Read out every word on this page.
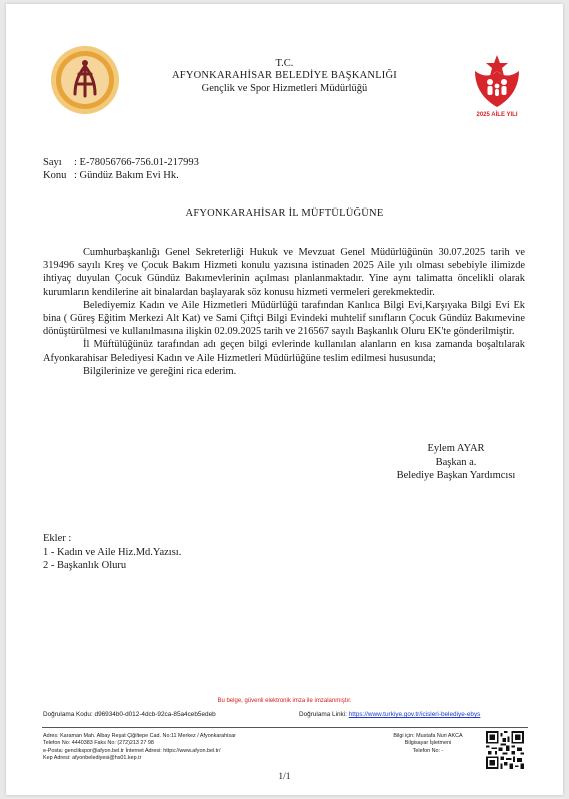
2025 AİLE YILI
T.C.
AFYONKARAHİSAR BELEDİYE BAŞKANLIĞI
Gençlik ve Spor Hizmetleri Müdürlüğü
Sayı : E-78056766-756.01-217993
Konu : Gündüz Bakım Evi Hk.
AFYONKARAHİSAR İL MÜFTÜLÜĞÜNE

Cumhurbaşkanlığı Genel Sekreterliği Hukuk ve Mevzuat Genel Müdürlüğünün 30.07.2025 tarih ve 319496 sayılı Kreş ve Çocuk Bakım Hizmeti konulu yazısına istinaden 2025 Aile yılı olması sebebiyle ilimizde ihtiyaç duyulan Çocuk Gündüz Bakımevlerinin açılması planlanmaktadır. Yine aynı talimatta öncelikli olarak kurumların kendilerine ait binalardan başlayarak söz konusu hizmeti vermeleri gerekmektedir.

Belediyemiz Kadın ve Aile Hizmetleri Müdürlüğü tarafından Kanlıca Bilgi Evi,Karşıyaka Bilgi Evi Ek bina ( Güreş Eğitim Merkezi Alt Kat) ve Sami Çiftçi Bilgi Evindeki muhtelif sınıfların Çocuk Gündüz Bakımevine dönüştürülmesi ve kullanılmasına ilişkin 02.09.2025 tarih ve 216567 sayılı Başkanlık Oluru EK'te gönderilmiştir.

İl Müftülüğünüz tarafından adı geçen bilgi evlerinde kullanılan alanların en kısa zamanda boşaltılarak Afyonkarahisar Belediyesi Kadın ve Aile Hizmetleri Müdürlüğüne teslim edilmesi hususunda;

Bilgilerinize ve gereğini rica ederim.

Eylem AYAR
Başkan a.
Belediye Başkan Yardımcısı
Ekler :
1 - Kadın ve Aile Hiz.Md.Yazısı.
2 - Başkanlık Oluru
Bu belge, güvenli elektronik imza ile imzalanmıştır.
Doğrulama Kodu: d96934b0-d012-4dcb-92ca-85a4ceb5edeb	Doğrulama Linki: https://www.turkiye.gov.tr/icisleri-belediye-ebys
Adres: Karaman Mah. Albay Reşat Çiğiltepe Cad. No:11 Merkez / Afyonkarahisar
Telefon No: 4440383 Faks No: (272)213 27 98
e-Posta: genclikspor@afyon.bel.tr İnternet Adresi: https://www.afyon.bel.tr/
Kep Adresi: afyonbelediyesi@hs01.kep.tr
Bilgi için: Mustafa Nuri AKCA
Bilgisayar İşletmeni
Telefon No: -
1/1
